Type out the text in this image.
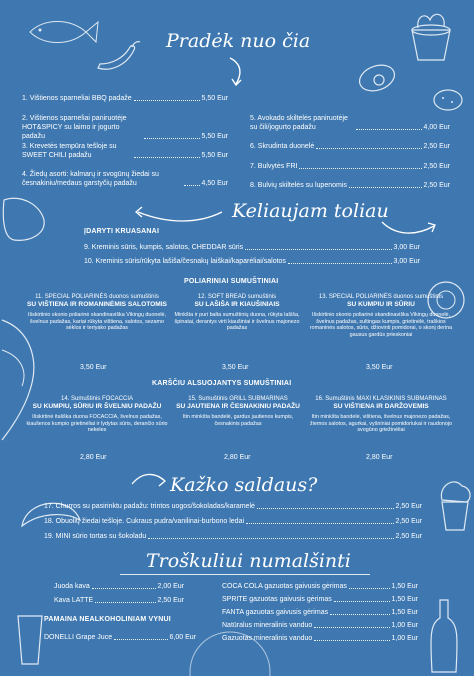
Pradėk nuo čia
1. Vištienos sparneliai BBQ padaže	5,50 Eur
2. Vištienos sparneliai paniruotėje HOT&SPICY su laimo ir jogurto padažu	5,50 Eur
3. Krevetės tempūra tešloje su SWEET CHILI padažu	5,50 Eur
4. Žiedų asorti: kalmarų ir svogūnų žiedai su česnakiniu/medaus garstyčių padažu	4,50 Eur
5. Avokado skiltelės paniruotėje su čili/jogurto padažu	4,00 Eur
6. Skrudinta duonelė	2,50 Eur
7. Bulvytės FRI	2,50 Eur
8. Bulvių skiltelės su lupenomis	2,50 Eur
Keliaujam toliau
ĮDARYTI KRUASANAI
9. Kreminis sūris, kumpis, salotos, CHEDDAR sūris	3,00 Eur
10. Kreminis sūris/rūkyta lašiša/česnakų laiškai/kaparėliai/salotos	3,00 Eur
POLIARINIAI SUMUŠTINIAI
11. SPECIAL POLIARINĖS duonos sumuštinis
SU VIŠTIENA IR ROMANINĖMIS SALOTOMIS
Išskirtinio skonio poliarinė skandinaviška Vikingų duonelė, švelnus padažas, kariai rūkyta vištiena, salotos, sezamo sėklos ir teriyako padažas
3,50 Eur
12. SOFT BREAD sumuštinis
SU LAŠIŠA IR KIAUŠINIAIS
Minkšta ir puri balta sumuštinių duona, rūkyta lašiša, špinatai, derantys virti kiaušiniai ir švelnus majonezo padažas
3,50 Eur
13. SPECIAL POLIARINĖS duonos sumuštinis
SU KUMPIU IR SŪRIU
Išskirtinio skonio poliarinė skandinaviška Vikingų duonelė, švelnus padažas, sultingas kumpis, grietinėlė, traškios romaninės salotos, sūris, džiovinti pomidorai, o skonį derina gausus gardūs prieskoniai
3,50 Eur
KARŠČIU ALSUOJANTYS SUMUŠTINIAI
14. Sumuštinis FOCACCIA
SU KUMPIU, SŪRIU IR ŠVELNIU PADAŽU
Išskirtinė itališka duona FOCACCIA, švelnus padažas, kiaulienos kumpio grietinėliai ir lydytas sūris, derančio sūrio nekeles
2,80 Eur
15. Sumuštinis GRILL SUBMARINAS
SU JAUTIENA IR ČESNAKINIU PADAŽU
Itin minkšta bandelė, gardus jautienos kumpis, česnakinis padažas
2,80 Eur
16. Sumuštinis MAXI KLASIKINIS SUBMARINAS
SU VIŠTIENA IR DARŽOVEMIS
Itin minkšta bandelė, vištiena, švelnus majonezo padažas, žiemos salotos, agurkai, vyšniniai pomidoriukai ir raudonojo svogūno griežinėliai
2,80 Eur
Kažko saldaus?
17. Churros su pasirinktu padažu: trintos uogos/šokoladas/karamelė	2,50 Eur
18. Obuolių žiedai tešloje. Cukraus pudra/vanilinai-burbono ledai	2,50 Eur
19. MINI sūrio tortas su šokoladu	2,50 Eur
Troškuliui numalšinti
Juoda kava	2,00 Eur
Kava LATTE	2,50 Eur
PAMAINA NEALKOHOLINIAM VYNUI
DONELLI Grape Juce	6,00 Eur
COCA COLA gazuotas gaivusis gėrimas	1,50 Eur
SPRITE gazuotas gaivusis gėrimas	1,50 Eur
FANTA gazuotas gaivusis gėrimas	1,50 Eur
Natūralus mineralinis vanduo	1,00 Eur
Gazuotas mineralinis vanduo	1,00 Eur
